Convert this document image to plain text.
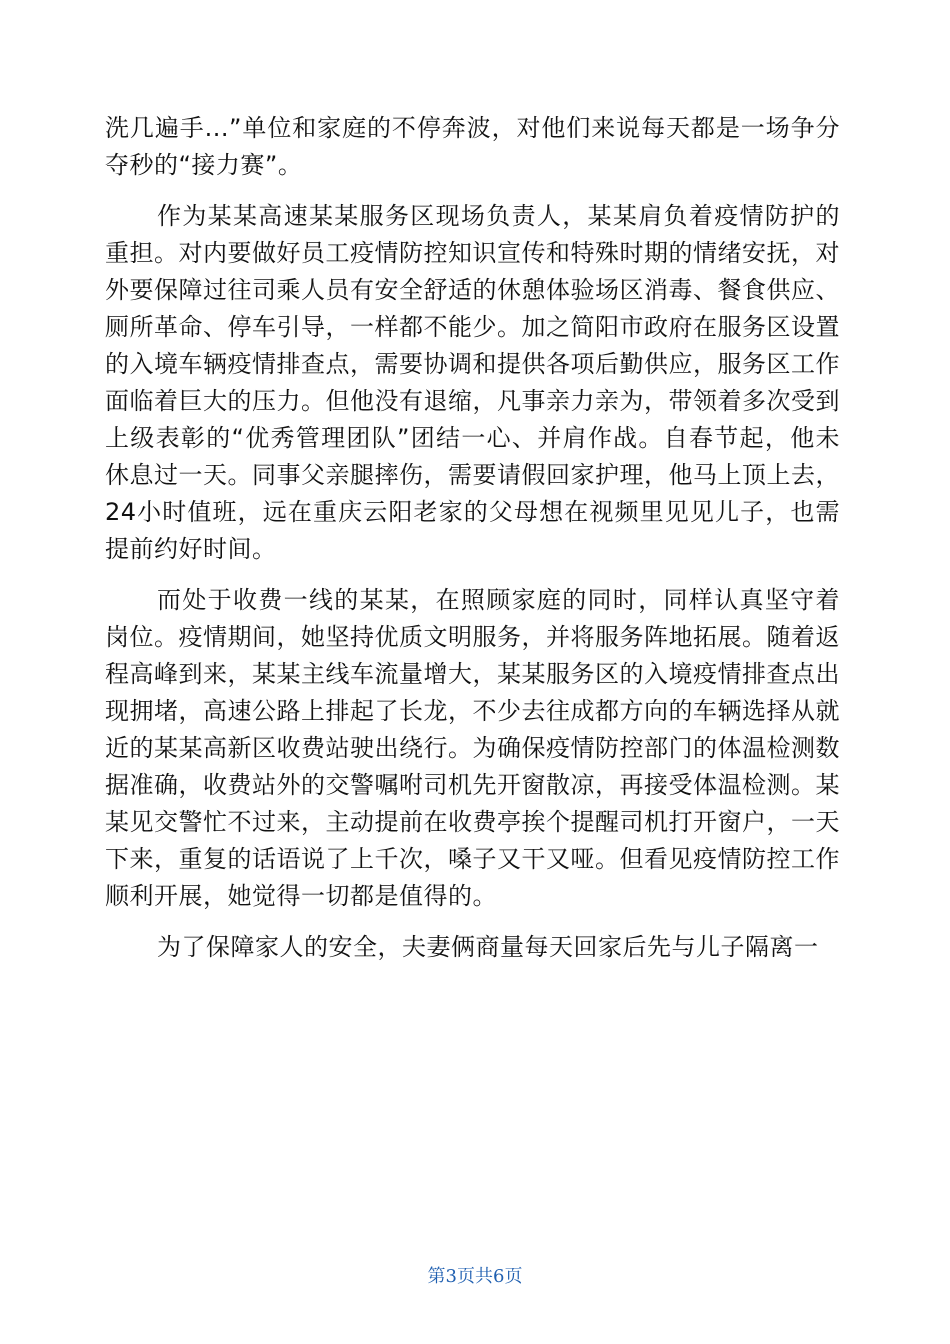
洗几遍手...”单位和家庭的不停奔波，对他们来说每天都是一场争分夺秒的“接力赛”。

作为某某高速某某服务区现场负责人，某某肩负着疫情防护的重担。对内要做好员工疫情防控知识宣传和特殊时期的情绪安抚，对外要保障过往司乘人员有安全舒适的休憩体验场区消毒、餐食供应、厕所革命、停车引导，一样都不能少。加之简阳市政府在服务区设置的入境车辆疫情排查点，需要协调和提供各项后勤供应，服务区工作面临着巨大的压力。但他没有退缩，凡事亲力亲为，带领着多次受到上级表彰的“优秀管理团队”团结一心、并肩作战。自春节起，他未休息过一天。同事父亲腿摔伤，需要请假回家护理，他马上顶上去，24小时值班，远在重庆云阳老家的父母想在视频里见见儿子，也需提前约好时间。

而处于收费一线的某某，在照顾家庭的同时，同样认真坚守着岗位。疫情期间，她坚持优质文明服务，并将服务阵地拓展。随着返程高峰到来，某某主线车流量增大，某某服务区的入境疫情排查点出现拥堵，高速公路上排起了长龙，不少去往成都方向的车辆选择从就近的某某高新区收费站驶出绕行。为确保疫情防控部门的体温检测数据准确，收费站外的交警嘱咐司机先开窗散凉，再接受体温检测。某某见交警忙不过来，主动提前在收费亭挨个提醒司机打开窗户，一天下来，重复的话语说了上千次，嗓子又干又哑。但看见疫情防控工作顺利开展，她觉得一切都是值得的。

为了保障家人的安全，夫妻俩商量每天回家后先与儿子隔离一

第3页共6页
